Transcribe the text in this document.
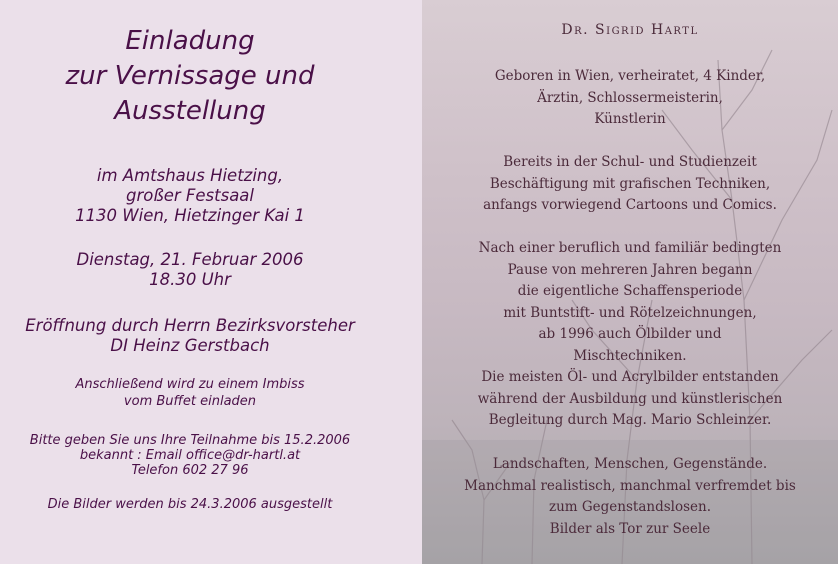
Einladung
zur Vernissage und
Ausstellung
im Amtshaus Hietzing,
großer Festsaal
1130 Wien, Hietzinger Kai 1
Dienstag, 21. Februar 2006
18.30 Uhr
Eröffnung durch Herrn Bezirksvorsteher
DI Heinz Gerstbach
Anschließend wird zu einem Imbiss
vom Buffet einladen
Bitte geben Sie uns Ihre Teilnahme bis 15.2.2006
bekannt : Email office@dr-hartl.at
Telefon 602 27 96
Die Bilder werden bis 24.3.2006 ausgestellt
Dr. Sigrid Hartl
Geboren in Wien, verheiratet, 4 Kinder,
Ärztin, Schlossermeisterin,
Künstlerin
Bereits in der Schul- und Studienzeit
Beschäftigung mit grafischen Techniken,
anfangs vorwiegend Cartoons und Comics.
Nach einer beruflich und familiär bedingten
Pause von mehreren Jahren begann
die eigentliche Schaffensperiode
mit Buntstift- und Rötelzeichnungen,
ab 1996 auch Ölbilder und
Mischtechniken.
Die meisten Öl- und Acrylbilder entstanden
während der Ausbildung und künstlerischen
Begleitung durch Mag. Mario Schleinzer.
Landschaften, Menschen, Gegenstände.
Manchmal realistisch, manchmal verfremdet bis
zum Gegenstandslosen.
Bilder als Tor zur Seele
